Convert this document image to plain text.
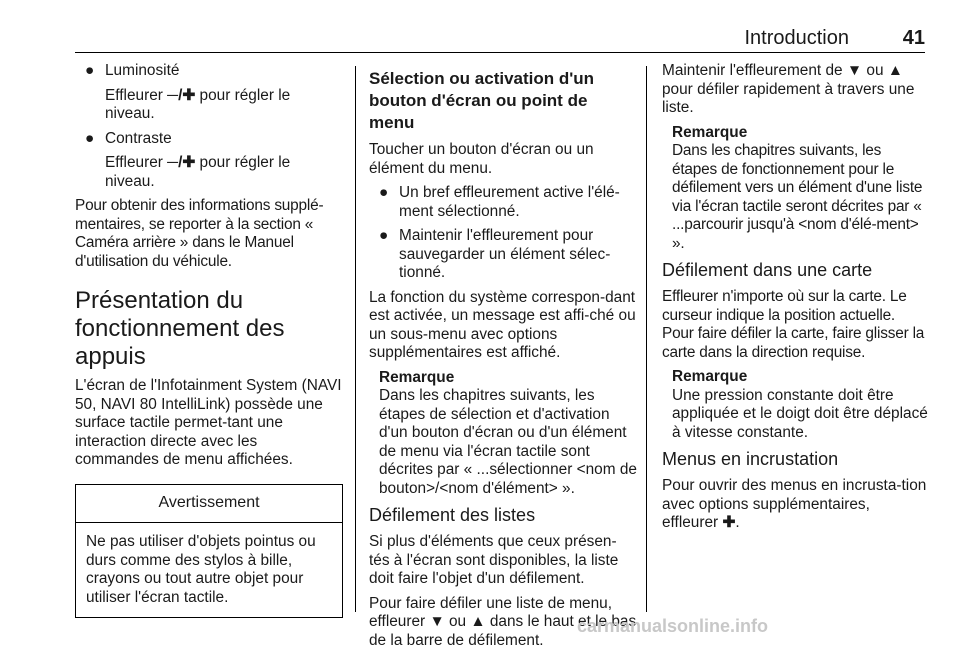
Introduction	41
● Luminosité
Effleurer ─/✚ pour régler le niveau.
● Contraste
Effleurer ─/✚ pour régler le niveau.

Pour obtenir des informations supplé-mentaires, se reporter à la section « Caméra arrière » dans le Manuel d'utilisation du véhicule.

Présentation du fonctionnement des appuis

L'écran de l'Infotainment System (NAVI 50, NAVI 80 IntelliLink) possède une surface tactile permet-tant une interaction directe avec les commandes de menu affichées.

Avertissement
Ne pas utiliser d'objets pointus ou durs comme des stylos à bille, crayons ou tout autre objet pour utiliser l'écran tactile.
Sélection ou activation d'un bouton d'écran ou point de menu

Toucher un bouton d'écran ou un élément du menu.

● Un bref effleurement active l'élé-ment sélectionné.
● Maintenir l'effleurement pour sauvegarder un élément sélec-tionné.

La fonction du système correspon-dant est activée, un message est affi-ché ou un sous-menu avec options supplémentaires est affiché.

Remarque
Dans les chapitres suivants, les étapes de sélection et d'activation d'un bouton d'écran ou d'un élément de menu via l'écran tactile sont décrites par « ...sélectionner <nom de bouton>/<nom d'élément> ».
Défilement des listes

Si plus d'éléments que ceux présen-tés à l'écran sont disponibles, la liste doit faire l'objet d'un défilement.

Pour faire défiler une liste de menu, effleurer ▼ ou ▲ dans le haut et le bas de la barre de défilement.

Maintenir l'effleurement de ▼ ou ▲ pour défiler rapidement à travers une liste.

Remarque
Dans les chapitres suivants, les étapes de fonctionnement pour le défilement vers un élément d'une liste via l'écran tactile seront décrites par « ...parcourir jusqu'à <nom d'élé-ment> ».
Défilement dans une carte

Effleurer n'importe où sur la carte. Le curseur indique la position actuelle. Pour faire défiler la carte, faire glisser la carte dans la direction requise.

Remarque
Une pression constante doit être appliquée et le doigt doit être déplacé à vitesse constante.
Menus en incrustation

Pour ouvrir des menus en incrusta-tion avec options supplémentaires, effleurer ✚.

carmanualsonline.info
